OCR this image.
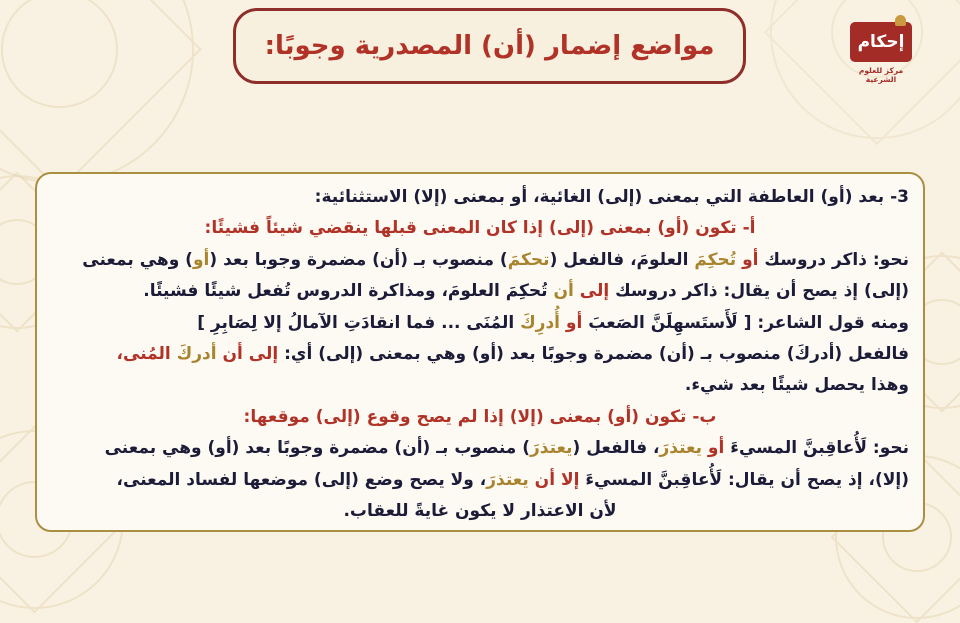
مواضع إضمار (أن) المصدرية وجوبًا:	إحكام
مركز للعلوم الشرعية
3- بعد (أو) العاطفة التي بمعنى (إلى) الغائية، أو بمعنى (إلا) الاستثنائية:
أ- تكون (أو) بمعنى (إلى) إذا كان المعنى قبلها ينقضي شيئاً فشيئًا:
نحو: ذاكر دروسك أو تُحكِمَ العلومَ، فالفعل (تحكمَ) منصوب بـ (أن) مضمرة وجوبا بعد (أو) وهي بمعنى
(إلى) إذ يصح أن يقال: ذاكر دروسك إلى أن تُحكِمَ العلومَ، ومذاكرة الدروس تُفعل شيئًا فشيئًا.
ومنه قول الشاعر: [ لَأَستَسهِلَنَّ الصَعبَ أو أُدرِكَ المُنَى ... فما انقادَتِ الآمالُ إلا لِصَابِرِ ]
فالفعل (أدركَ) منصوب بـ (أن) مضمرة وجوبًا بعد (أو) وهي بمعنى (إلى) أي: إلى أن أدركَ المُنى،
وهذا يحصل شيئًا بعد شيء.
ب- تكون (أو) بمعنى (إلا) إذا لم يصح وقوع (إلى) موقعها:
نحو: لَأُعاقِبنَّ المسيءَ أو يعتذرَ، فالفعل (يعتذرَ) منصوب بـ (أن) مضمرة وجوبًا بعد (أو) وهي بمعنى
(إلا)، إذ يصح أن يقال: لَأُعاقِبنَّ المسيءَ إلا أن يعتذرَ، ولا يصح وضع (إلى) موضعها لفساد المعنى،
لأن الاعتذار لا يكون غايةً للعقاب.
